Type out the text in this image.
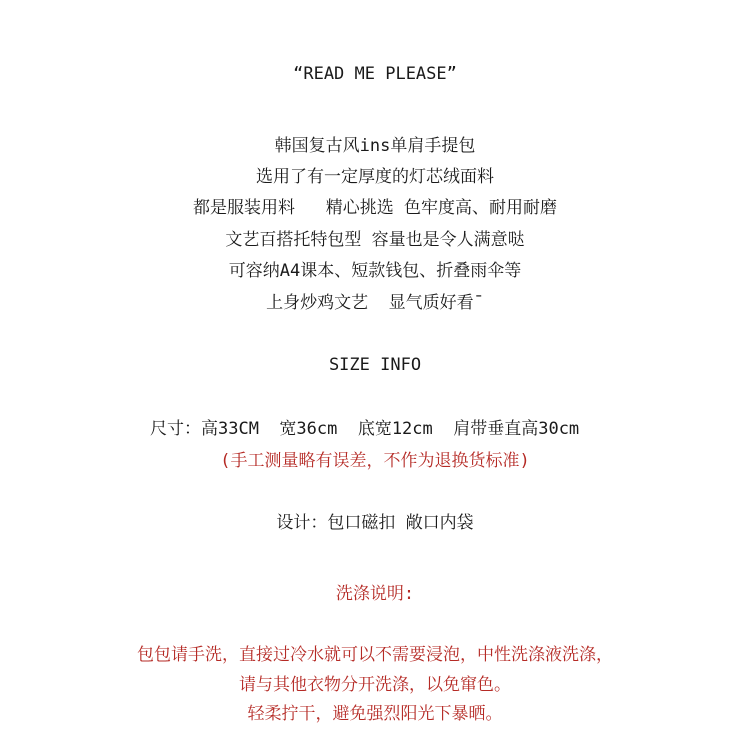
“READ ME PLEASE”
韩国复古风ins单肩手提包
选用了有一定厚度的灯芯绒面料
都是服装用料   精心挑选 色牢度高、耐用耐磨
文艺百搭托特包型 容量也是令人满意哒
可容纳A4课本、短款钱包、折叠雨伞等
上身炒鸡文艺  显气质好看¯
SIZE INFO
尺寸：高33CM  宽36cm  底宽12cm  肩带垂直高30cm
(手工测量略有误差，不作为退换货标准)
设计：包口磁扣 敞口内袋
洗涤说明:
包包请手洗，直接过冷水就可以不需要浸泡，中性洗涤液洗涤，
请与其他衣物分开洗涤，以免窜色。
轻柔拧干，避免强烈阳光下暴晒。
